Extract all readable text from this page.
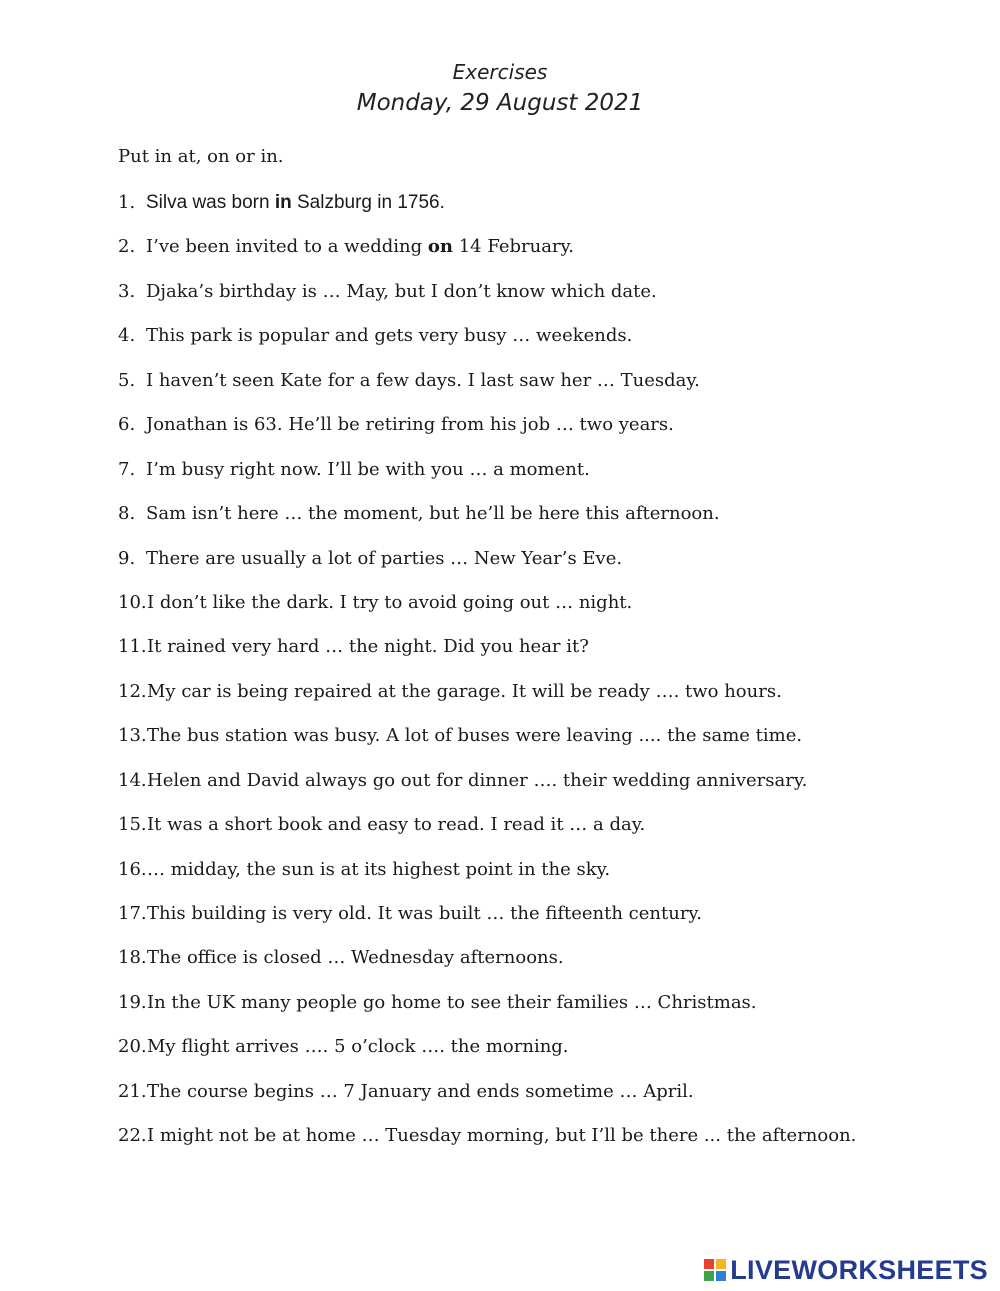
Exercises
Monday, 29 August 2021
Put in at, on or in.
1. Silva was born in Salzburg in 1756.
2. I’ve been invited to a wedding on 14 February.
3. Djaka’s birthday is … May, but I don’t know which date.
4. This park is popular and gets very busy … weekends.
5. I haven’t seen Kate for a few days. I last saw her … Tuesday.
6. Jonathan is 63. He’ll be retiring from his job … two years.
7. I’m busy right now. I’ll be with you … a moment.
8. Sam isn’t here … the moment, but he’ll be here this afternoon.
9. There are usually a lot of parties … New Year’s Eve.
10.I don’t like the dark. I try to avoid going out … night.
11.It rained very hard … the night. Did you hear it?
12.My car is being repaired at the garage. It will be ready …. two hours.
13.The bus station was busy. A lot of buses were leaving .... the same time.
14.Helen and David always go out for dinner …. their wedding anniversary.
15.It was a short book and easy to read. I read it … a day.
16.… midday, the sun is at its highest point in the sky.
17.This building is very old. It was built … the fifteenth century.
18.The office is closed … Wednesday afternoons.
19.In the UK many people go home to see their families … Christmas.
20.My flight arrives …. 5 o’clock …. the morning.
21.The course begins … 7 January and ends sometime … April.
22.I might not be at home … Tuesday morning, but I’ll be there ... the afternoon.
LIVEWORKSHEETS
